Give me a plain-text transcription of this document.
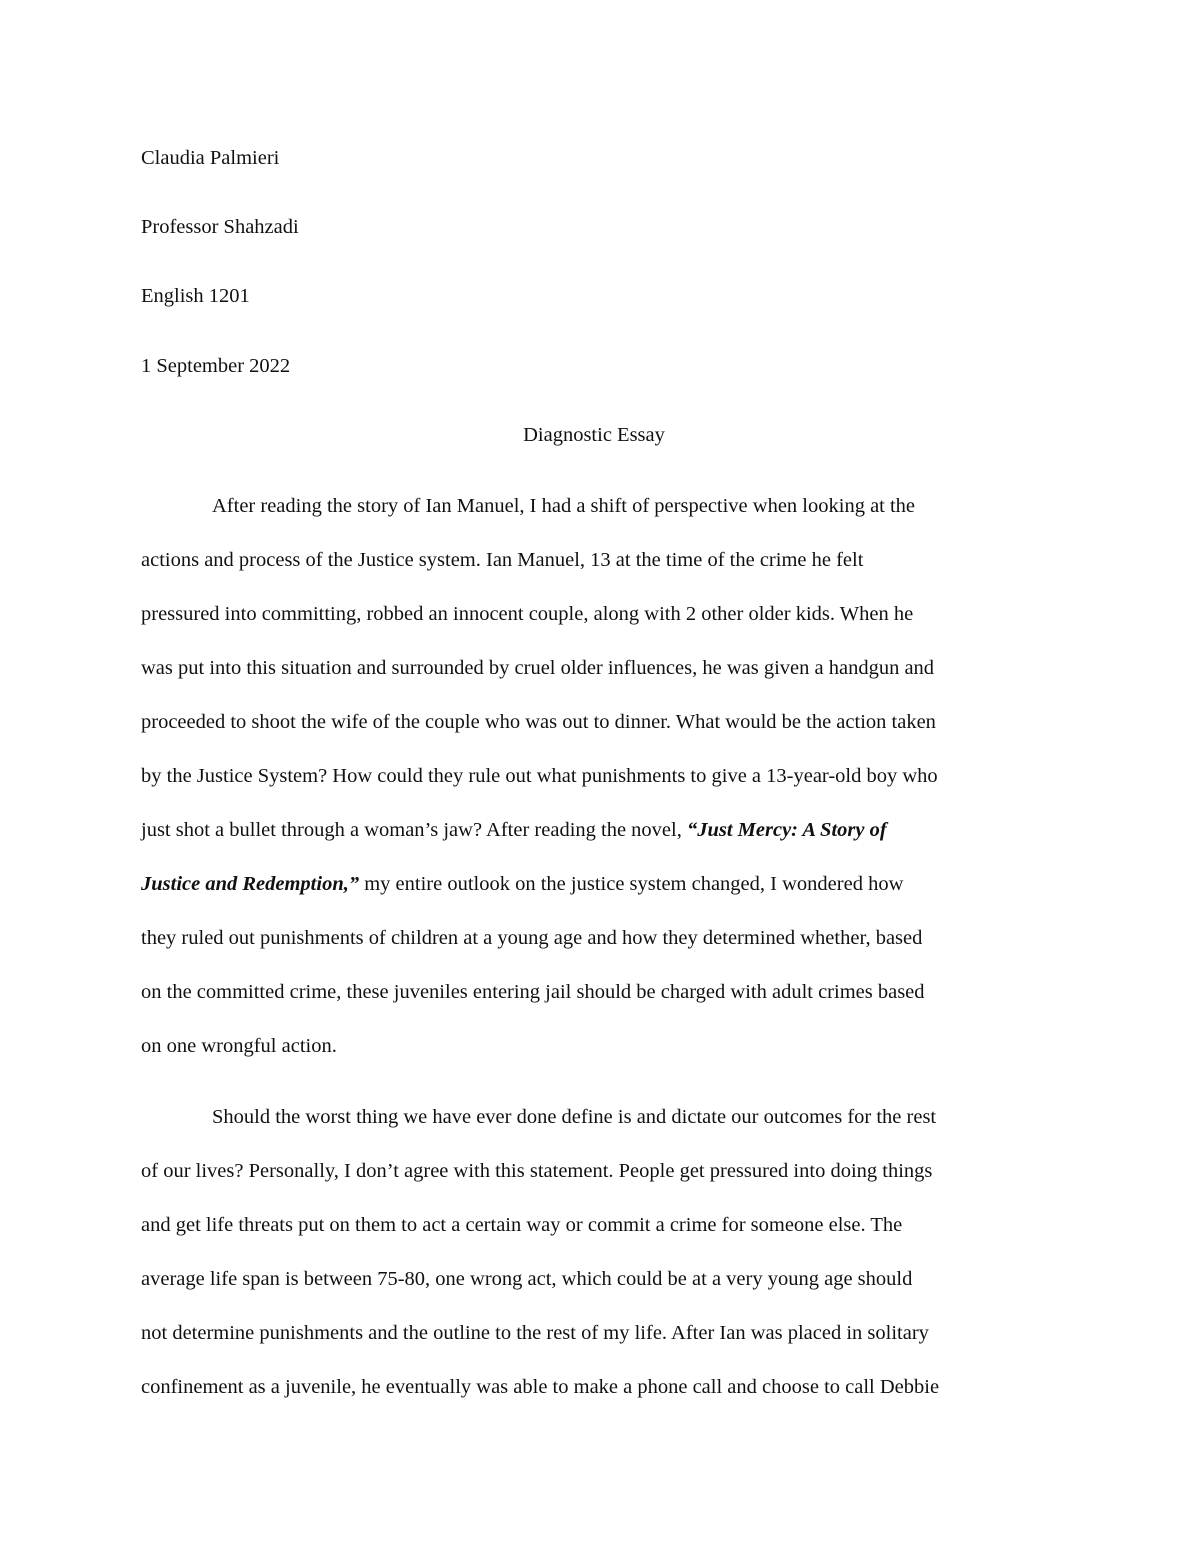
Claudia Palmieri
Professor Shahzadi
English 1201
1 September 2022
Diagnostic Essay
After reading the story of Ian Manuel, I had a shift of perspective when looking at the
actions and process of the Justice system. Ian Manuel, 13 at the time of the crime he felt
pressured into committing, robbed an innocent couple, along with 2 other older kids. When he
was put into this situation and surrounded by cruel older influences, he was given a handgun and
proceeded to shoot the wife of the couple who was out to dinner. What would be the action taken
by the Justice System? How could they rule out what punishments to give a 13-year-old boy who
just shot a bullet through a woman’s jaw? After reading the novel, “Just Mercy: A Story of
Justice and Redemption,” my entire outlook on the justice system changed, I wondered how
they ruled out punishments of children at a young age and how they determined whether, based
on the committed crime, these juveniles entering jail should be charged with adult crimes based
on one wrongful action.
Should the worst thing we have ever done define is and dictate our outcomes for the rest
of our lives? Personally, I don’t agree with this statement. People get pressured into doing things
and get life threats put on them to act a certain way or commit a crime for someone else. The
average life span is between 75-80, one wrong act, which could be at a very young age should
not determine punishments and the outline to the rest of my life. After Ian was placed in solitary
confinement as a juvenile, he eventually was able to make a phone call and choose to call Debbie
